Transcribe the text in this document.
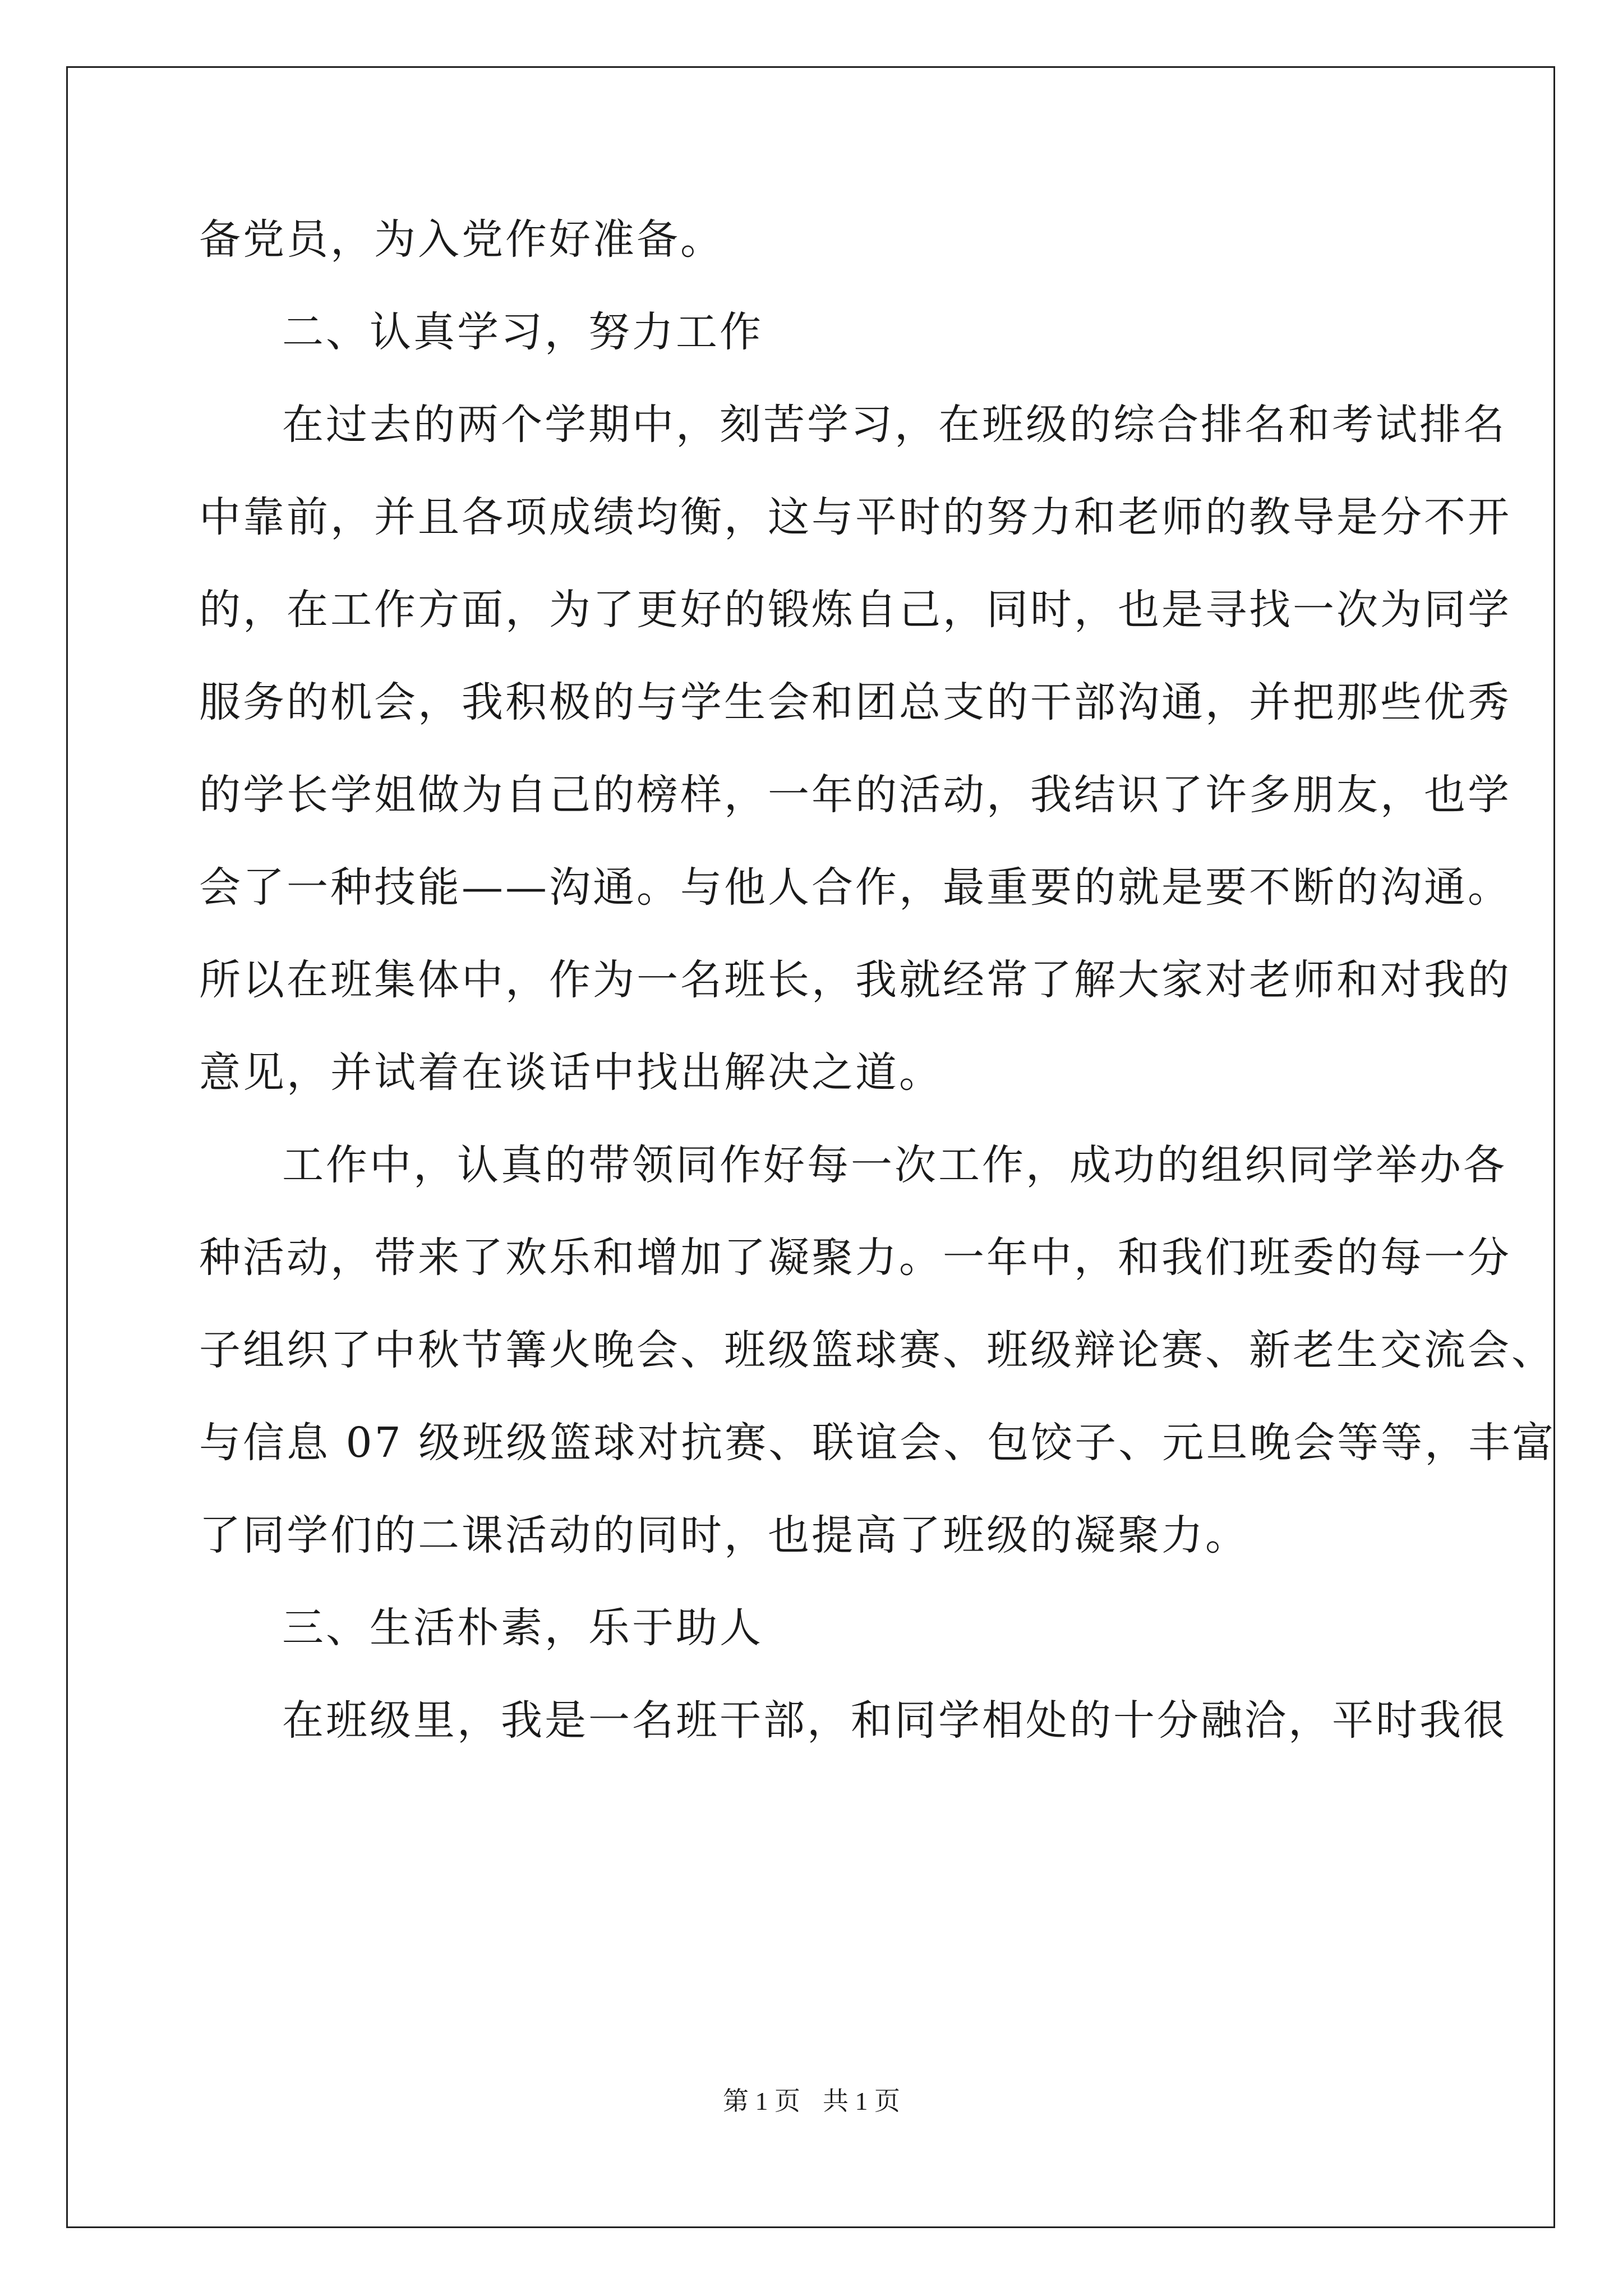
备党员，为入党作好准备。
二、认真学习，努力工作
在过去的两个学期中，刻苦学习，在班级的综合排名和考试排名
中靠前，并且各项成绩均衡，这与平时的努力和老师的教导是分不开
的，在工作方面，为了更好的锻炼自己，同时，也是寻找一次为同学
服务的机会，我积极的与学生会和团总支的干部沟通，并把那些优秀
的学长学姐做为自己的榜样，一年的活动，我结识了许多朋友，也学
会了一种技能——沟通。与他人合作，最重要的就是要不断的沟通。
所以在班集体中，作为一名班长，我就经常了解大家对老师和对我的
意见，并试着在谈话中找出解决之道。
工作中，认真的带领同作好每一次工作，成功的组织同学举办各
种活动，带来了欢乐和增加了凝聚力。一年中，和我们班委的每一分
子组织了中秋节篝火晚会、班级篮球赛、班级辩论赛、新老生交流会、
与信息 07 级班级篮球对抗赛、联谊会、包饺子、元旦晚会等等，丰富
了同学们的二课活动的同时，也提高了班级的凝聚力。
三、生活朴素，乐于助人
在班级里，我是一名班干部，和同学相处的十分融洽，平时我很
第 1 页 共 1 页
